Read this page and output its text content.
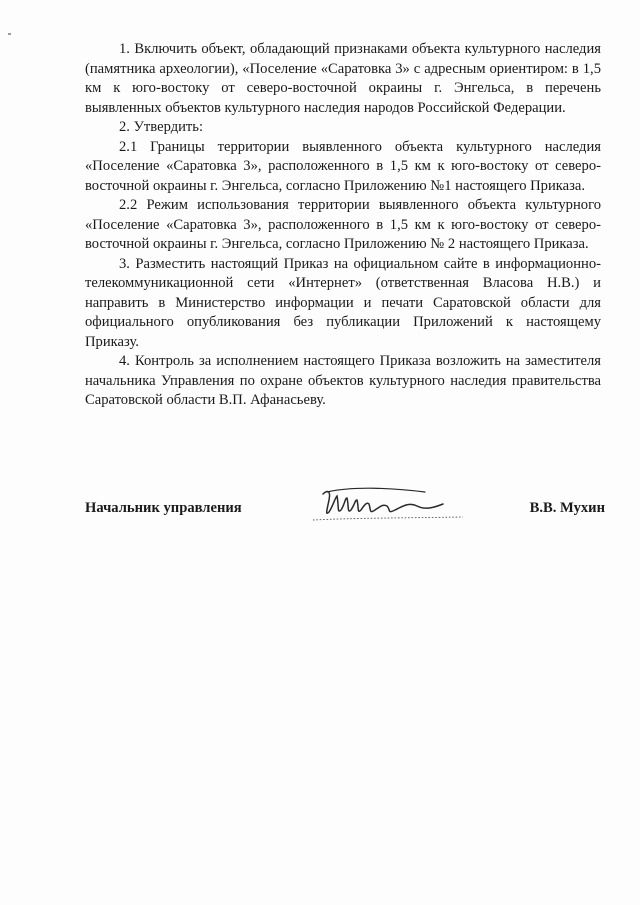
1. Включить объект, обладающий признаками объекта культурного наследия (памятника археологии), «Поселение «Саратовка 3» с адресным ориентиром: в 1,5 км к юго-востоку от северо-восточной окраины г. Энгельса, в перечень выявленных объектов культурного наследия народов Российской Федерации.

2. Утвердить:

2.1 Границы территории выявленного объекта культурного наследия «Поселение «Саратовка 3», расположенного в 1,5 км к юго-востоку от северо-восточной окраины г. Энгельса, согласно Приложению №1 настоящего Приказа.

2.2 Режим использования территории выявленного объекта культурного «Поселение «Саратовка 3», расположенного в 1,5 км к юго-востоку от северо-восточной окраины г. Энгельса, согласно Приложению № 2 настоящего Приказа.

3. Разместить настоящий Приказ на официальном сайте в информационно-телекоммуникационной сети «Интернет» (ответственная Власова Н.В.) и направить в Министерство информации и печати Саратовской области для официального опубликования без публикации Приложений к настоящему Приказу.

4. Контроль за исполнением настоящего Приказа возложить на заместителя начальника Управления по охране объектов культурного наследия правительства Саратовской области В.П. Афанасьеву.

Начальник управления	В.В. Мухин
